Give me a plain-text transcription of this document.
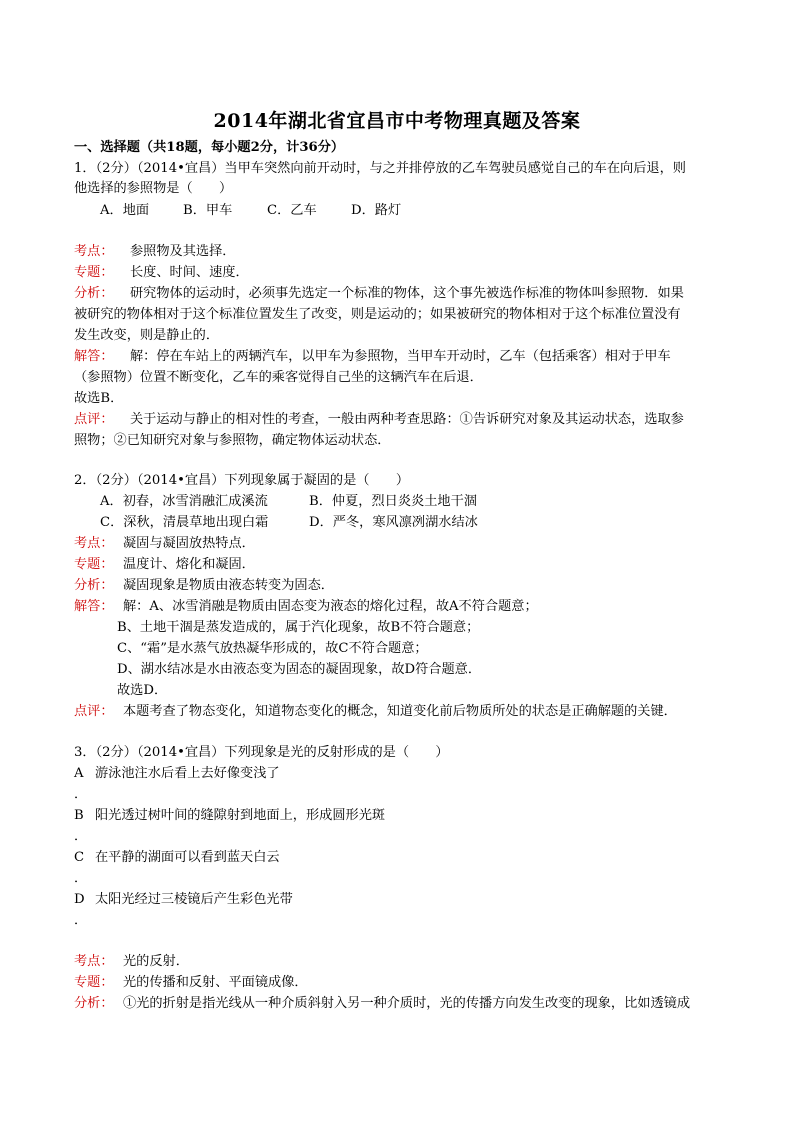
2014年湖北省宜昌市中考物理真题及答案
一、选择题（共18题，每小题2分，计36分）
1．（2分）（2014•宜昌）当甲车突然向前开动时，与之并排停放的乙车驾驶员感觉自己的车在向后退，则
他选择的参照物是（　　）
A．地面	B．甲车	C．乙车	D．路灯
考点： 参照物及其选择．
专题： 长度、时间、速度．
分析： 研究物体的运动时，必须事先选定一个标准的物体，这个事先被选作标准的物体叫参照物．如果
被研究的物体相对于这个标准位置发生了改变，则是运动的；如果被研究的物体相对于这个标准位置没有
发生改变，则是静止的．
解答： 解：停在车站上的两辆汽车，以甲车为参照物，当甲车开动时，乙车（包括乘客）相对于甲车
（参照物）位置不断变化，乙车的乘客觉得自己坐的这辆汽车在后退．
故选B．
点评： 关于运动与静止的相对性的考查，一般由两种考查思路：①告诉研究对象及其运动状态，选取参
照物；②已知研究对象与参照物，确定物体运动状态．
2．（2分）（2014•宜昌）下列现象属于凝固的是（　　）
A．初春，冰雪消融汇成溪流	B．仲夏，烈日炎炎土地干涸
C．深秋，清晨草地出现白霜	D．严冬，寒风凛冽湖水结冰
考点： 凝固与凝固放热特点．
专题： 温度计、熔化和凝固．
分析： 凝固现象是物质由液态转变为固态．
解答： 解：A、冰雪消融是物质由固态变为液态的熔化过程，故A不符合题意；
B、土地干涸是蒸发造成的，属于汽化现象，故B不符合题意；
C、“霜”是水蒸气放热凝华形成的，故C不符合题意；
D、湖水结冰是水由液态变为固态的凝固现象，故D符合题意．
故选D．
点评： 本题考查了物态变化，知道物态变化的概念，知道变化前后物质所处的状态是正确解题的关键．
3．（2分）（2014•宜昌）下列现象是光的反射形成的是（　　）
A 游泳池注水后看上去好像变浅了
．
B 阳光透过树叶间的缝隙射到地面上，形成圆形光斑
．
C 在平静的湖面可以看到蓝天白云
．
D 太阳光经过三棱镜后产生彩色光带
．
考点： 光的反射．
专题： 光的传播和反射、平面镜成像．
分析： ①光的折射是指光线从一种介质斜射入另一种介质时，光的传播方向发生改变的现象，比如透镜成
